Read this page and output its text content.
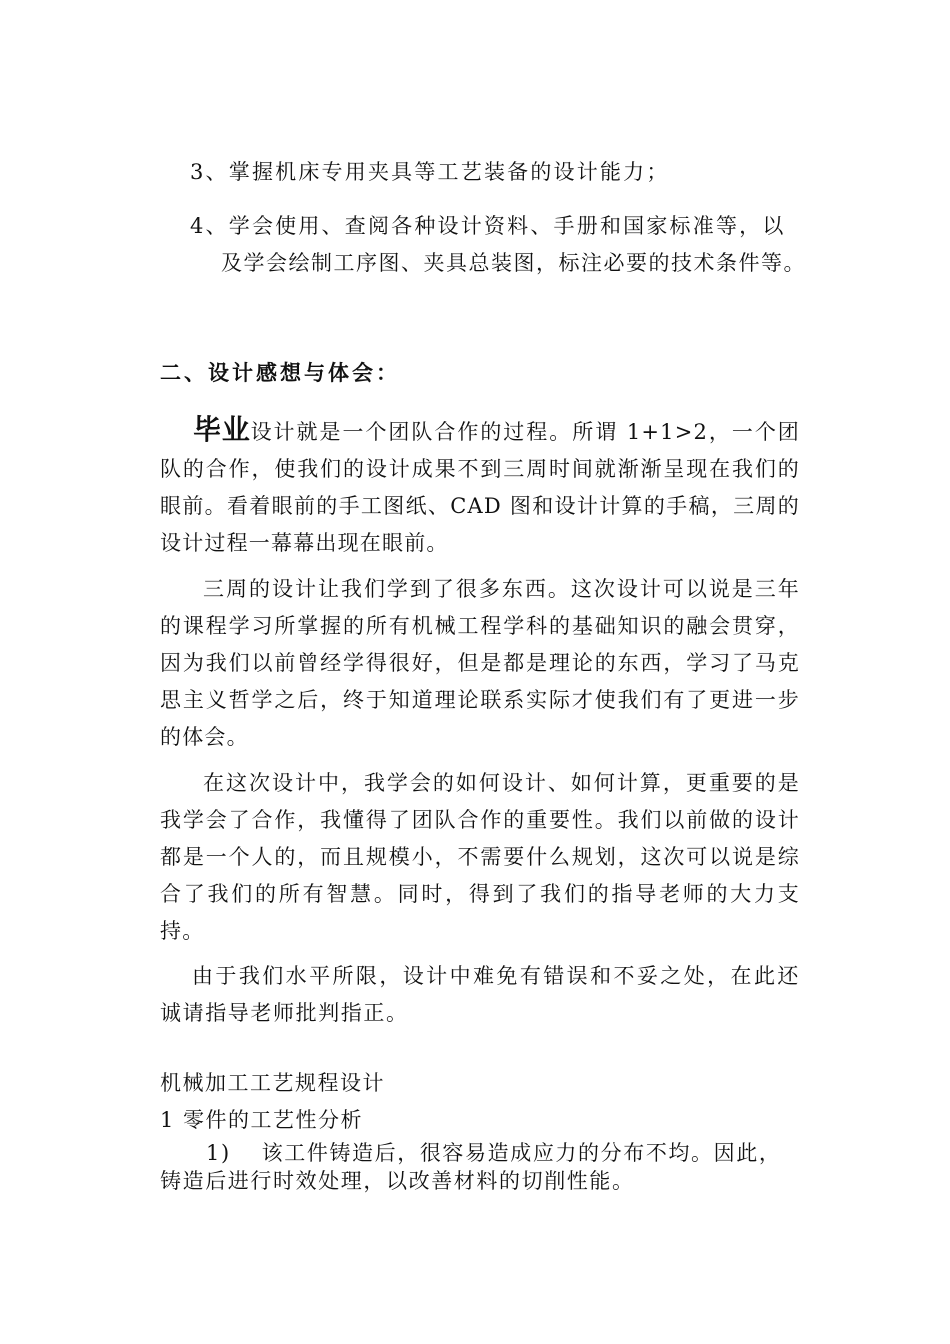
3、掌握机床专用夹具等工艺装备的设计能力；
4、学会使用、查阅各种设计资料、手册和国家标准等，以
及学会绘制工序图、夹具总装图，标注必要的技术条件等。
二、设计感想与体会：
毕业设计就是一个团队合作的过程。所谓 1+1>2，一个团队的合作，使我们的设计成果不到三周时间就渐渐呈现在我们的眼前。看着眼前的手工图纸、CAD 图和设计计算的手稿，三周的设计过程一幕幕出现在眼前。
三周的设计让我们学到了很多东西。这次设计可以说是三年的课程学习所掌握的所有机械工程学科的基础知识的融会贯穿，因为我们以前曾经学得很好，但是都是理论的东西，学习了马克思主义哲学之后，终于知道理论联系实际才使我们有了更进一步的体会。
在这次设计中，我学会的如何设计、如何计算，更重要的是我学会了合作，我懂得了团队合作的重要性。我们以前做的设计都是一个人的，而且规模小，不需要什么规划，这次可以说是综合了我们的所有智慧。同时，得到了我们的指导老师的大力支持。
由于我们水平所限，设计中难免有错误和不妥之处，在此还诚请指导老师批判指正。
机械加工工艺规程设计
1 零件的工艺性分析
1)　 该工件铸造后，很容易造成应力的分布不均。因此，
铸造后进行时效处理，以改善材料的切削性能。
